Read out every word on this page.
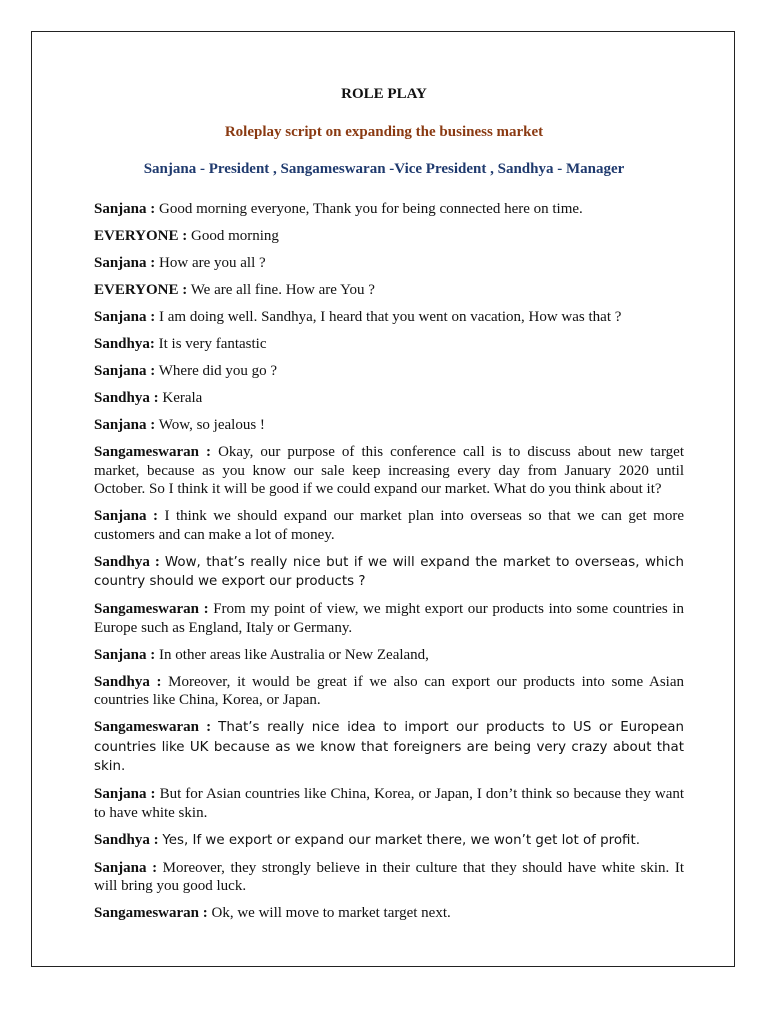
ROLE PLAY
Roleplay script on expanding the business market
Sanjana - President , Sangameswaran -Vice President , Sandhya - Manager

Sanjana : Good morning everyone, Thank you for being connected here on time.

EVERYONE : Good morning

Sanjana : How are you all ?

EVERYONE : We are all fine. How are You ?

Sanjana : I am doing well. Sandhya, I heard that you went on vacation, How was that ?

Sandhya: It is very fantastic

Sanjana : Where did you go ?

Sandhya : Kerala

Sanjana : Wow, so jealous !

Sangameswaran : Okay, our purpose of this conference call is to discuss about new target market, because as you know our sale keep increasing every day from January 2020 until October. So I think it will be good if we could expand our market. What do you think about it?

Sanjana : I think we should expand our market plan into overseas so that we can get more customers and can make a lot of money.

Sandhya : Wow, that’s really nice but if we will expand the market to overseas, which country should we export our products ?

Sangameswaran : From my point of view, we might export our products into some countries in Europe such as England, Italy or Germany.

Sanjana : In other areas like Australia or New Zealand,

Sandhya : Moreover, it would be great if we also can export our products into some Asian countries like China, Korea, or Japan.

Sangameswaran : That’s really nice idea to import our products to US or European countries like UK because as we know that foreigners are being very crazy about that skin.

Sanjana : But for Asian countries like China, Korea, or Japan, I don’t think so because they want to have white skin.

Sandhya : Yes, If we export or expand our market there, we won’t get lot of profit.

Sanjana : Moreover, they strongly believe in their culture that they should have white skin. It will bring you good luck.

Sangameswaran : Ok, we will move to market target next.
